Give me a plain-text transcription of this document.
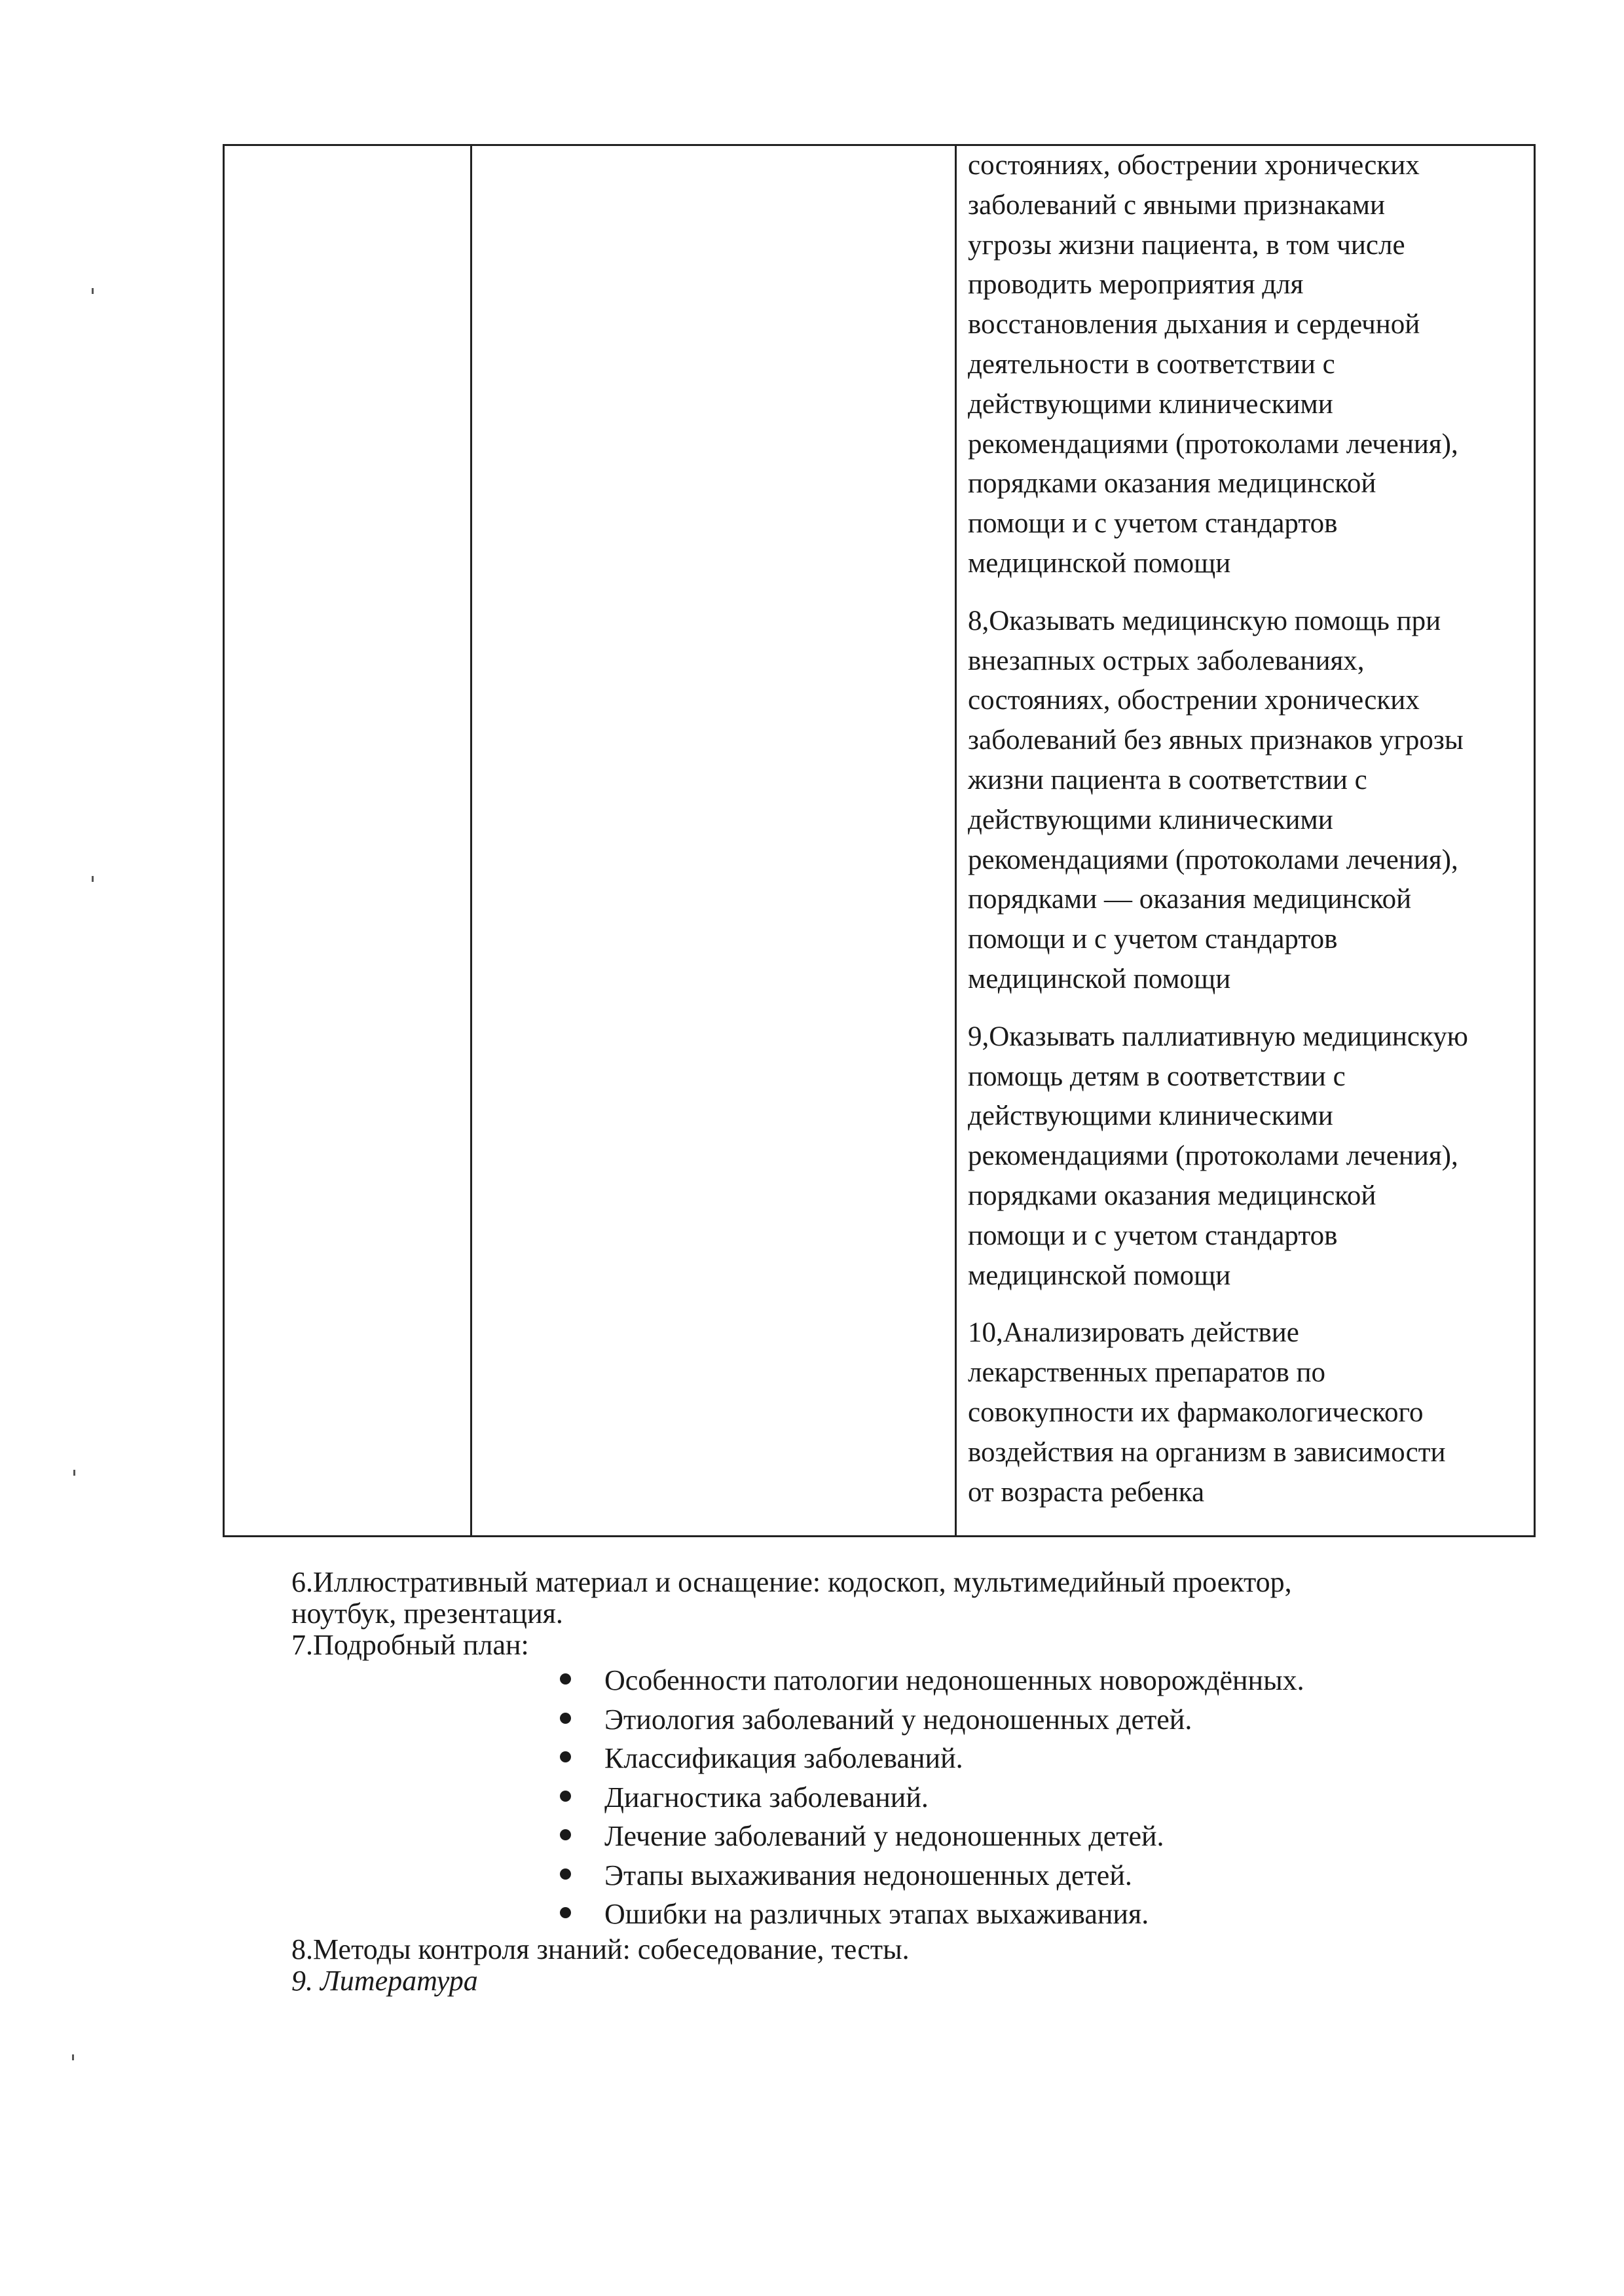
состояниях, обострении хронических
заболеваний с явными признаками
угрозы жизни пациента, в том числе
проводить мероприятия для
восстановления дыхания и сердечной
деятельности в соответствии с
действующими клиническими
рекомендациями (протоколами лечения),
порядками оказания медицинской
помощи и с учетом стандартов
медицинской помощи

8,Оказывать медицинскую помощь при
внезапных острых заболеваниях,
состояниях, обострении хронических
заболеваний без явных признаков угрозы
жизни пациента в соответствии с
действующими клиническими
рекомендациями (протоколами лечения),
порядками — оказания медицинской
помощи и с учетом стандартов
медицинской помощи

9,Оказывать паллиативную медицинскую
помощь детям в соответствии с
действующими клиническими
рекомендациями (протоколами лечения),
порядками оказания медицинской
помощи и с учетом стандартов
медицинской помощи

10,Анализировать действие
лекарственных препаратов по
совокупности их фармакологического
воздействия на организм в зависимости
от возраста ребенка

6.Иллюстративный материал и оснащение: кодоскоп, мультимедийный проектор,

ноутбук, презентация.

7.Подробный план:

Особенности патологии недоношенных новорождённых.
Этиология заболеваний у недоношенных детей.
Классификация заболеваний.
Диагностика заболеваний.
Лечение заболеваний у недоношенных детей.
Этапы выхаживания недоношенных детей.
Ошибки на различных этапах выхаживания.

8.Методы контроля знаний: собеседование, тесты.

9. Литература
